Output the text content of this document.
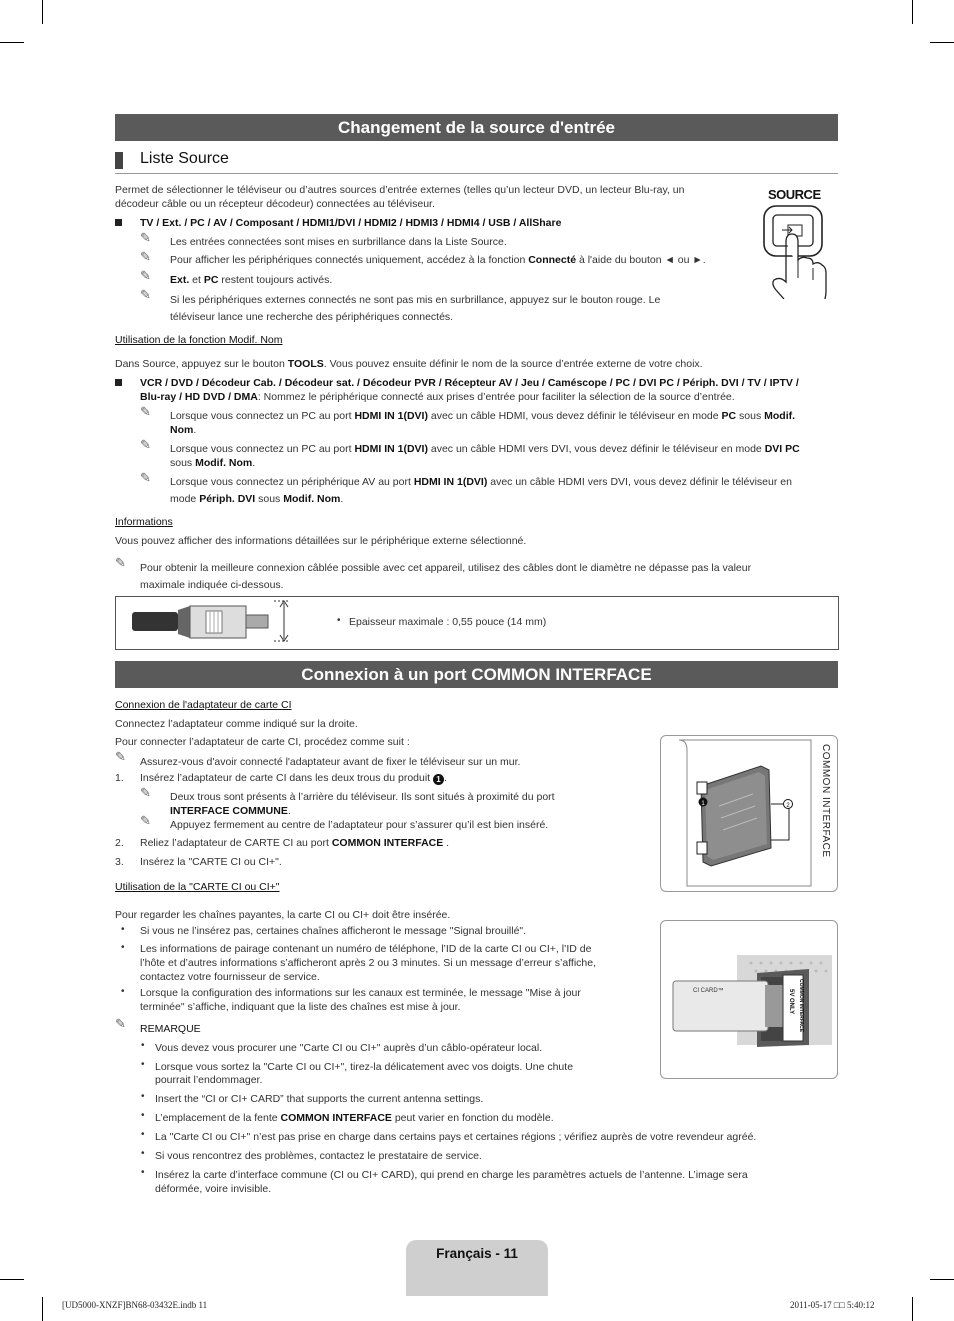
Changement de la source d'entrée
Liste Source
Permet de sélectionner le téléviseur ou d’autres sources d’entrée externes (telles qu’un lecteur DVD, un lecteur Blu-ray, un
décodeur câble ou un récepteur décodeur) connectées au téléviseur.
SOURCE
TV / Ext. / PC / AV / Composant / HDMI1/DVI / HDMI2 / HDMI3 / HDMI4 / USB / AllShare
✎ Les entrées connectées sont mises en surbrillance dans la Liste Source.
✎ Pour afficher les périphériques connectés uniquement, accédez à la fonction Connecté à l'aide du bouton ◄ ou ►.
✎ Ext. et PC restent toujours activés.
✎ Si les périphériques externes connectés ne sont pas mis en surbrillance, appuyez sur le bouton rouge. Le
téléviseur lance une recherche des périphériques connectés.
Utilisation de la fonction Modif. Nom
Dans Source, appuyez sur le bouton TOOLS. Vous pouvez ensuite définir le nom de la source d’entrée externe de votre choix.
VCR / DVD / Décodeur Cab. / Décodeur sat. / Décodeur PVR / Récepteur AV / Jeu / Caméscope / PC / DVI PC / Périph. DVI / TV / IPTV /
Blu-ray / HD DVD / DMA: Nommez le périphérique connecté aux prises d’entrée pour faciliter la sélection de la source d’entrée.
✎ Lorsque vous connectez un PC au port HDMI IN 1(DVI) avec un câble HDMI, vous devez définir le téléviseur en mode PC sous Modif.
Nom.
✎ Lorsque vous connectez un PC au port HDMI IN 1(DVI) avec un câble HDMI vers DVI, vous devez définir le téléviseur en mode DVI PC
sous Modif. Nom.
✎ Lorsque vous connectez un périphérique AV au port HDMI IN 1(DVI) avec un câble HDMI vers DVI, vous devez définir le téléviseur en
mode Périph. DVI sous Modif. Nom.
Informations
Vous pouvez afficher des informations détaillées sur le périphérique externe sélectionné.
✎ Pour obtenir la meilleure connexion câblée possible avec cet appareil, utilisez des câbles dont le diamètre ne dépasse pas la valeur
maximale indiquée ci-dessous.
• Epaisseur maximale : 0,55 pouce (14 mm)
Connexion à un port COMMON INTERFACE
Connexion de l'adaptateur de carte CI
Connectez l’adaptateur comme indiqué sur la droite.
Pour connecter l’adaptateur de carte CI, procédez comme suit :
✎ Assurez-vous d'avoir connecté l'adaptateur avant de fixer le téléviseur sur un mur.
1. Insérez l’adaptateur de carte CI dans les deux trous du produit 1 .
✎ Deux trous sont présents à l’arrière du téléviseur. Ils sont situés à proximité du port
INTERFACE COMMUNE.
✎ Appuyez fermement au centre de l’adaptateur pour s’assurer qu’il est bien inséré.
2. Reliez l’adaptateur de CARTE CI au port COMMON INTERFACE .
3. Insérez la "CARTE CI ou CI+".
Utilisation de la "CARTE CI ou CI+"
Pour regarder les chaînes payantes, la carte CI ou CI+ doit être insérée.
• Si vous ne l’insérez pas, certaines chaînes afficheront le message "Signal brouillé".
• Les informations de pairage contenant un numéro de téléphone, l’ID de la carte CI ou CI+, l’ID de
l’hôte et d’autres informations s’afficheront après 2 ou 3 minutes. Si un message d’erreur s’affiche,
contactez votre fournisseur de service.
• Lorsque la configuration des informations sur les canaux est terminée, le message "Mise à jour
terminée" s’affiche, indiquant que la liste des chaînes est mise à jour.
✎ REMARQUE
• Vous devez vous procurer une "Carte CI ou CI+" auprès d’un câblo-opérateur local.
• Lorsque vous sortez la "Carte CI ou CI+", tirez-la délicatement avec vos doigts. Une chute
pourrait l’endommager.
• Insert the “CI or CI+ CARD” that supports the current antenna settings.
• L’emplacement de la fente COMMON INTERFACE peut varier en fonction du modèle.
• La "Carte CI ou CI+" n’est pas prise en charge dans certains pays et certaines régions ; vérifiez auprès de votre revendeur agréé.
• Si vous rencontrez des problèmes, contactez le prestataire de service.
• Insérez la carte d’interface commune (CI ou CI+ CARD), qui prend en charge les paramètres actuels de l’antenne. L’image sera
déformée, voire invisible.
1	2	COMMON INTERFACE
CI CARD™	COMMON INTERFACE
5V ONLY
Français - 11
[UD5000-XNZF]BN68-03432E.indb 11	2011-05-17 □□ 5:40:12
